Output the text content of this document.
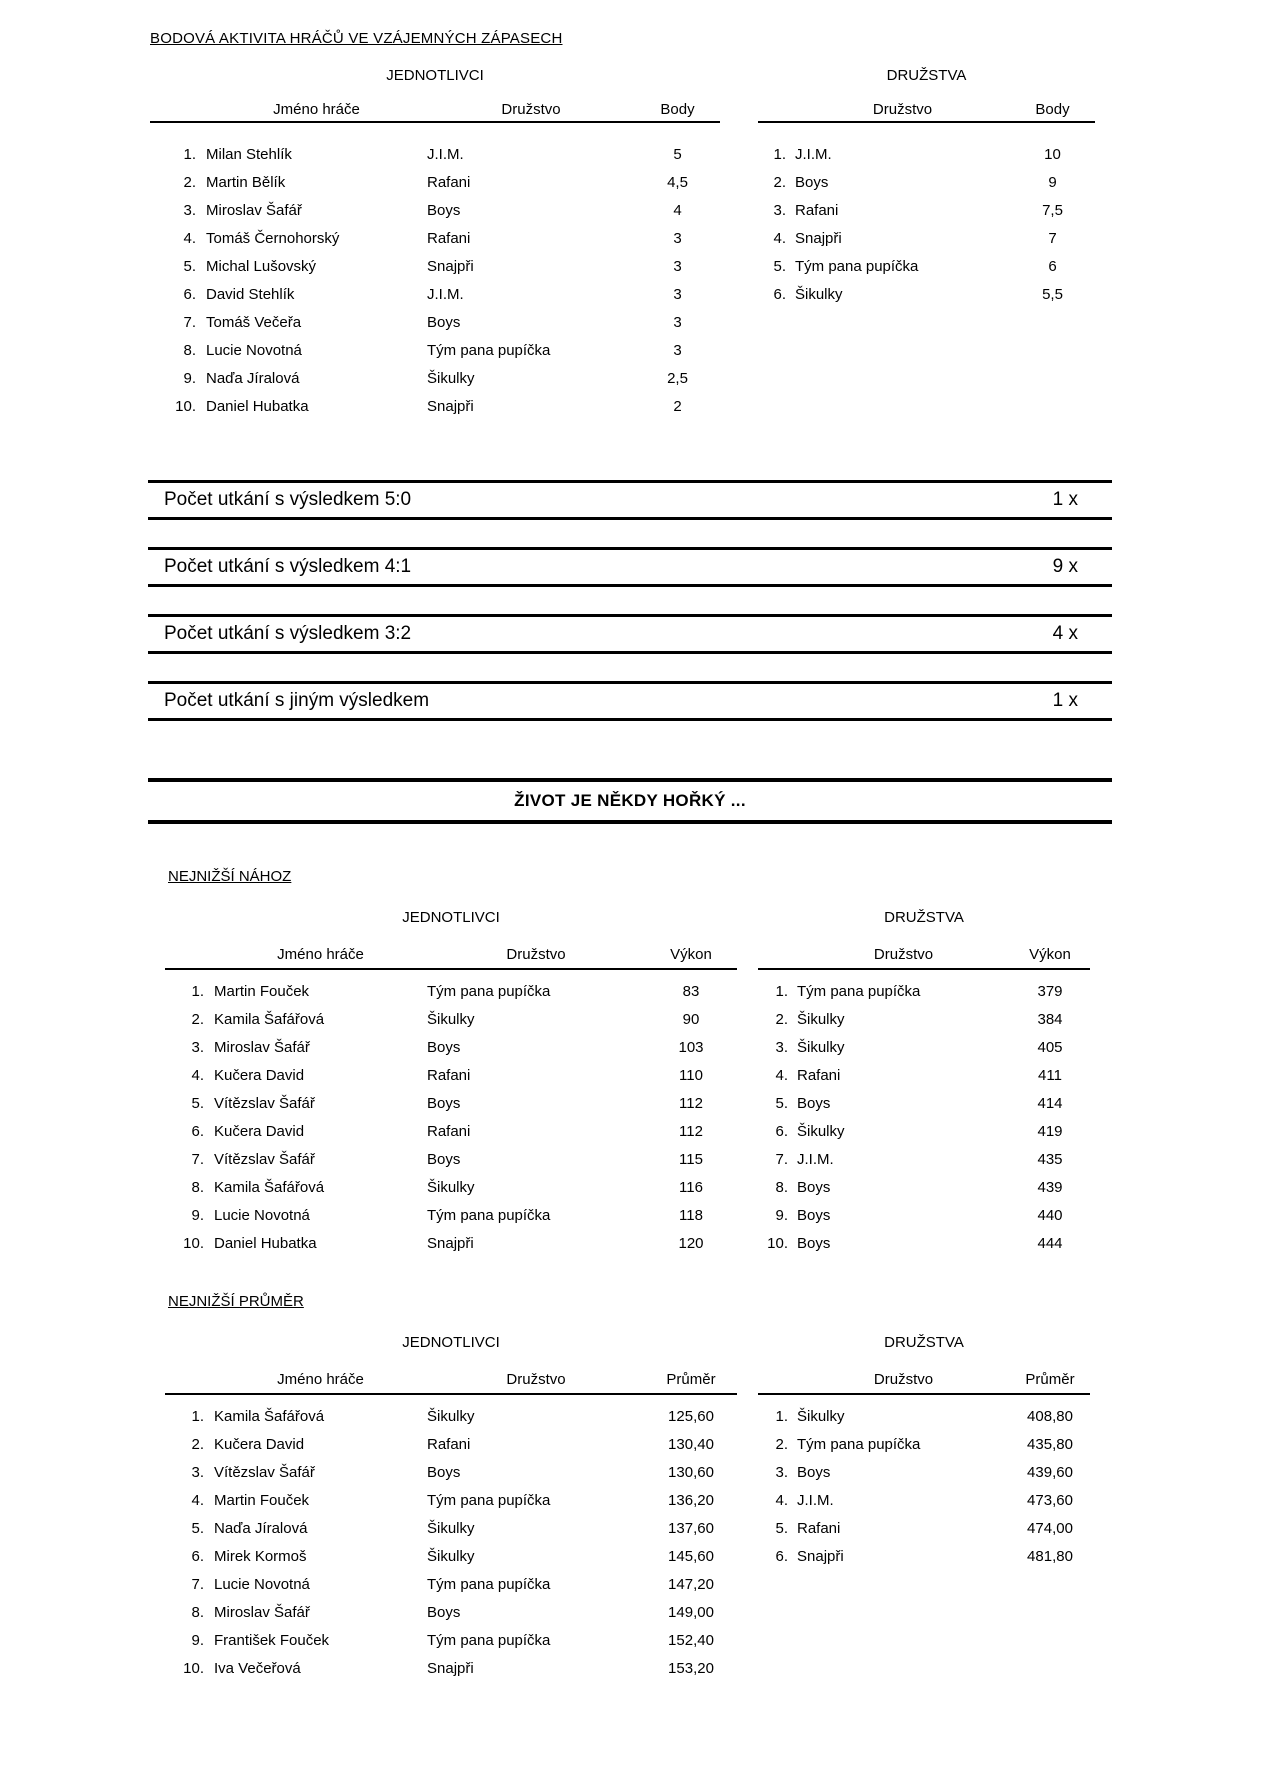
BODOVÁ AKTIVITA HRÁČŮ VE VZÁJEMNÝCH ZÁPASECH
JEDNOTLIVCI
Jméno hráče	Družstvo	Body
1. Milan Stehlík	J.I.M.	5
2. Martin Bělík	Rafani	4,5
3. Miroslav Šafář	Boys	4
4. Tomáš Černohorský	Rafani	3
5. Michal Lušovský	Snajpři	3
6. David Stehlík	J.I.M.	3
7. Tomáš Večeřa	Boys	3
8. Lucie Novotná	Tým pana pupíčka	3
9. Naďa Jíralová	Šikulky	2,5
10. Daniel Hubatka	Snajpři	2
DRUŽSTVA
Družstvo	Body
1. J.I.M.	10
2. Boys	9
3. Rafani	7,5
4. Snajpři	7
5. Tým pana pupíčka	6
6. Šikulky	5,5
Počet utkání s výsledkem 5:0	1 x
Počet utkání s výsledkem 4:1	9 x
Počet utkání s výsledkem 3:2	4 x
Počet utkání s jiným výsledkem	1 x
ŽIVOT JE NĚKDY HOŘKÝ ...
NEJNIŽŠÍ NÁHOZ
JEDNOTLIVCI
Jméno hráče	Družstvo	Výkon
1. Martin Fouček	Tým pana pupíčka	83
2. Kamila Šafářová	Šikulky	90
3. Miroslav Šafář	Boys	103
4. Kučera David	Rafani	110
5. Vítězslav Šafář	Boys	112
6. Kučera David	Rafani	112
7. Vítězslav Šafář	Boys	115
8. Kamila Šafářová	Šikulky	116
9. Lucie Novotná	Tým pana pupíčka	118
10. Daniel Hubatka	Snajpři	120
DRUŽSTVA
Družstvo	Výkon
1. Tým pana pupíčka	379
2. Šikulky	384
3. Šikulky	405
4. Rafani	411
5. Boys	414
6. Šikulky	419
7. J.I.M.	435
8. Boys	439
9. Boys	440
10. Boys	444
NEJNIŽŠÍ PRŮMĚR
JEDNOTLIVCI
Jméno hráče	Družstvo	Průměr
1. Kamila Šafářová	Šikulky	125,60
2. Kučera David	Rafani	130,40
3. Vítězslav Šafář	Boys	130,60
4. Martin Fouček	Tým pana pupíčka	136,20
5. Naďa Jíralová	Šikulky	137,60
6. Mirek Kormoš	Šikulky	145,60
7. Lucie Novotná	Tým pana pupíčka	147,20
8. Miroslav Šafář	Boys	149,00
9. František Fouček	Tým pana pupíčka	152,40
10. Iva Večeřová	Snajpři	153,20
DRUŽSTVA
Družstvo	Průměr
1. Šikulky	408,80
2. Tým pana pupíčka	435,80
3. Boys	439,60
4. J.I.M.	473,60
5. Rafani	474,00
6. Snajpři	481,80
